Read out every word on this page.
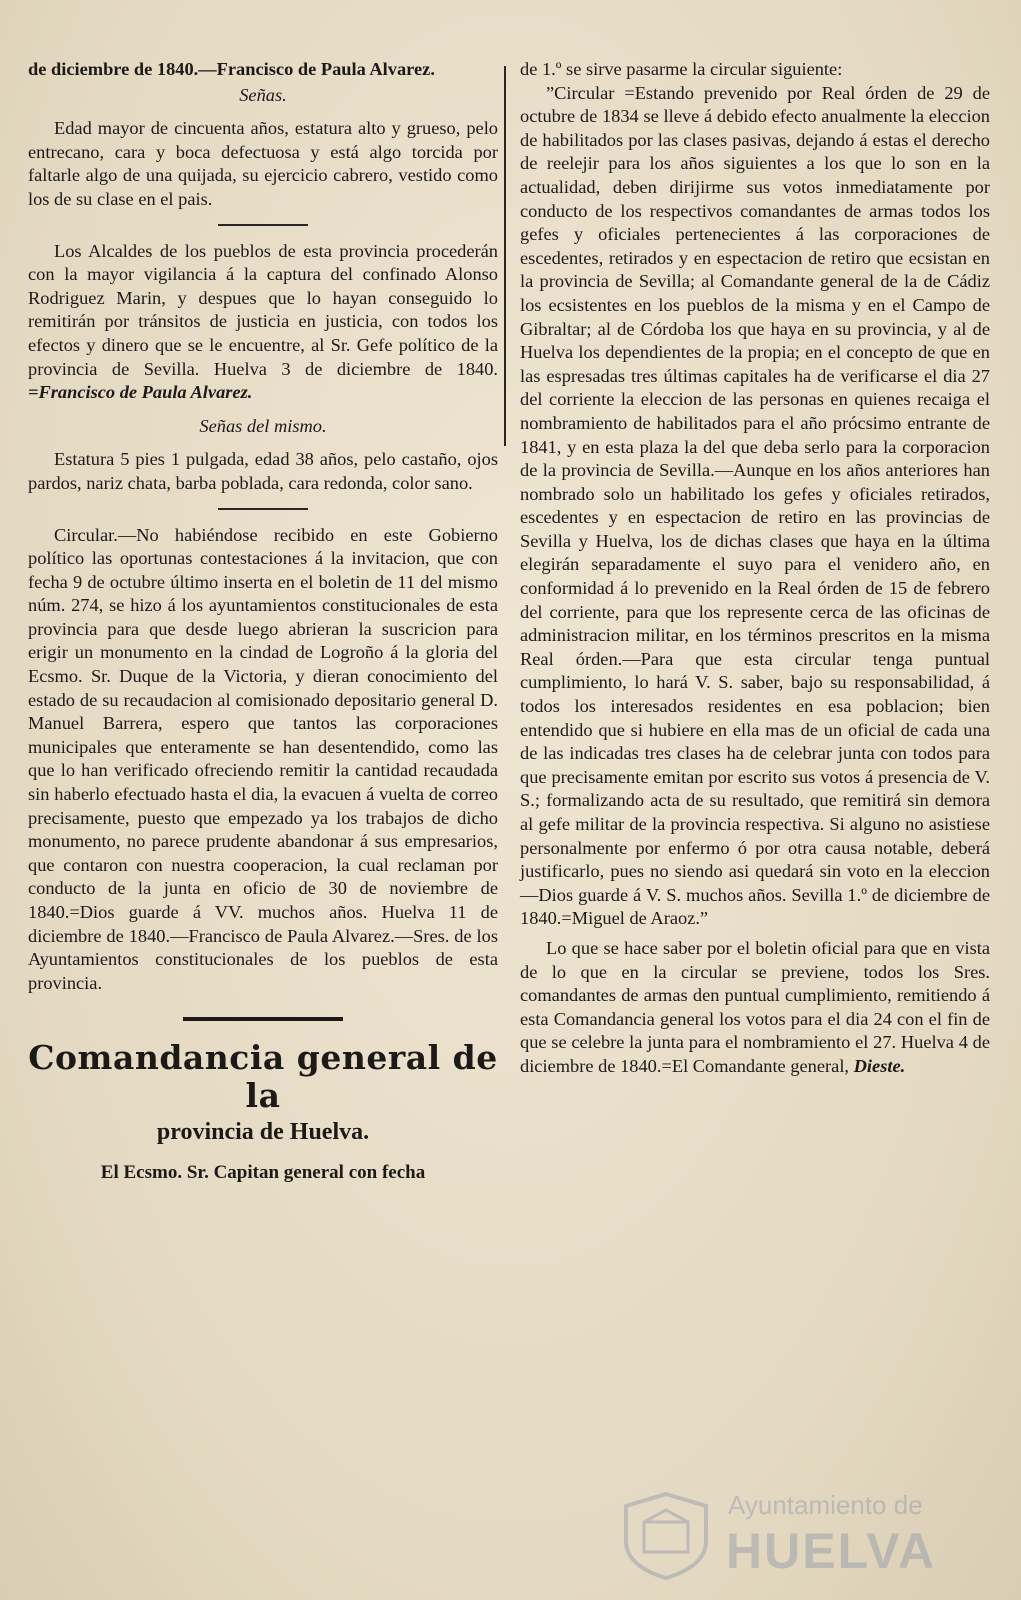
de diciembre de 1840.—Francisco de Paula Alvarez.

Señas.

Edad mayor de cincuenta años, estatura alto y grueso, pelo entrecano, cara y boca defectuosa y está algo torcida por faltarle algo de una quijada, su ejercicio cabrero, vestido como los de su clase en el pais.

Los Alcaldes de los pueblos de esta provincia procederán con la mayor vigilancia á la captura del confinado Alonso Rodriguez Marin, y despues que lo hayan conseguido lo remitirán por tránsitos de justicia en justicia, con todos los efectos y dinero que se le encuentre, al Sr. Gefe político de la provincia de Sevilla. Huelva 3 de diciembre de 1840. =Francisco de Paula Alvarez.

Señas del mismo.

Estatura 5 pies 1 pulgada, edad 38 años, pelo castaño, ojos pardos, nariz chata, barba poblada, cara redonda, color sano.

Circular.—No habiéndose recibido en este Gobierno político las oportunas contestaciones á la invitacion, que con fecha 9 de octubre último inserta en el boletin de 11 del mismo núm. 274, se hizo á los ayuntamientos constitucionales de esta provincia para que desde luego abrieran la suscricion para erigir un monumento en la cindad de Logroño á la gloria del Ecsmo. Sr. Duque de la Victoria, y dieran conocimiento del estado de su recaudacion al comisionado depositario general D. Manuel Barrera, espero que tantos las corporaciones municipales que enteramente se han desentendido, como las que lo han verificado ofreciendo remitir la cantidad recaudada sin haberlo efectuado hasta el dia, la evacuen á vuelta de correo precisamente, puesto que empezado ya los trabajos de dicho monumento, no parece prudente abandonar á sus empresarios, que contaron con nuestra cooperacion, la cual reclaman por conducto de la junta en oficio de 30 de noviembre de 1840.=Dios guarde á VV. muchos años. Huelva 11 de diciembre de 1840.—Francisco de Paula Alvarez.—Sres. de los Ayuntamientos constitucionales de los pueblos de esta provincia.

Comandancia general de la
provincia de Huelva.
El Ecsmo. Sr. Capitan general con fecha

de 1.º se sirve pasarme la circular siguiente:

”Circular =Estando prevenido por Real órden de 29 de octubre de 1834 se lleve á debido efecto anualmente la eleccion de habilitados por las clases pasivas, dejando á estas el derecho de reelejir para los años siguientes a los que lo son en la actualidad, deben dirijirme sus votos inmediatamente por conducto de los respectivos comandantes de armas todos los gefes y oficiales pertenecientes á las corporaciones de escedentes, retirados y en espectacion de retiro que ecsistan en la provincia de Sevilla; al Comandante general de la de Cádiz los ecsistentes en los pueblos de la misma y en el Campo de Gibraltar; al de Córdoba los que haya en su provincia, y al de Huelva los dependientes de la propia; en el concepto de que en las espresadas tres últimas capitales ha de verificarse el dia 27 del corriente la eleccion de las personas en quienes recaiga el nombramiento de habilitados para el año prócsimo entrante de 1841, y en esta plaza la del que deba serlo para la corporacion de la provincia de Sevilla.—Aunque en los años anteriores han nombrado solo un habilitado los gefes y oficiales retirados, escedentes y en espectacion de retiro en las provincias de Sevilla y Huelva, los de dichas clases que haya en la última elegirán separadamente el suyo para el venidero año, en conformidad á lo prevenido en la Real órden de 15 de febrero del corriente, para que los represente cerca de las oficinas de administracion militar, en los términos prescritos en la misma Real órden.—Para que esta circular tenga puntual cumplimiento, lo hará V. S. saber, bajo su responsabilidad, á todos los interesados residentes en esa poblacion; bien entendido que si hubiere en ella mas de un oficial de cada una de las indicadas tres clases ha de celebrar junta con todos para que precisamente emitan por escrito sus votos á presencia de V. S.; formalizando acta de su resultado, que remitirá sin demora al gefe militar de la provincia respectiva. Si alguno no asistiese personalmente por enfermo ó por otra causa notable, deberá justificarlo, pues no siendo asi quedará sin voto en la eleccion —Dios guarde á V. S. muchos años. Sevilla 1.º de diciembre de 1840.=Miguel de Araoz.”

Lo que se hace saber por el boletin oficial para que en vista de lo que en la circular se previene, todos los Sres. comandantes de armas den puntual cumplimiento, remitiendo á esta Comandancia general los votos para el dia 24 con el fin de que se celebre la junta para el nombramiento el 27. Huelva 4 de diciembre de 1840.=El Comandante general, Dieste.

Ayuntamiento de
HUELVA
